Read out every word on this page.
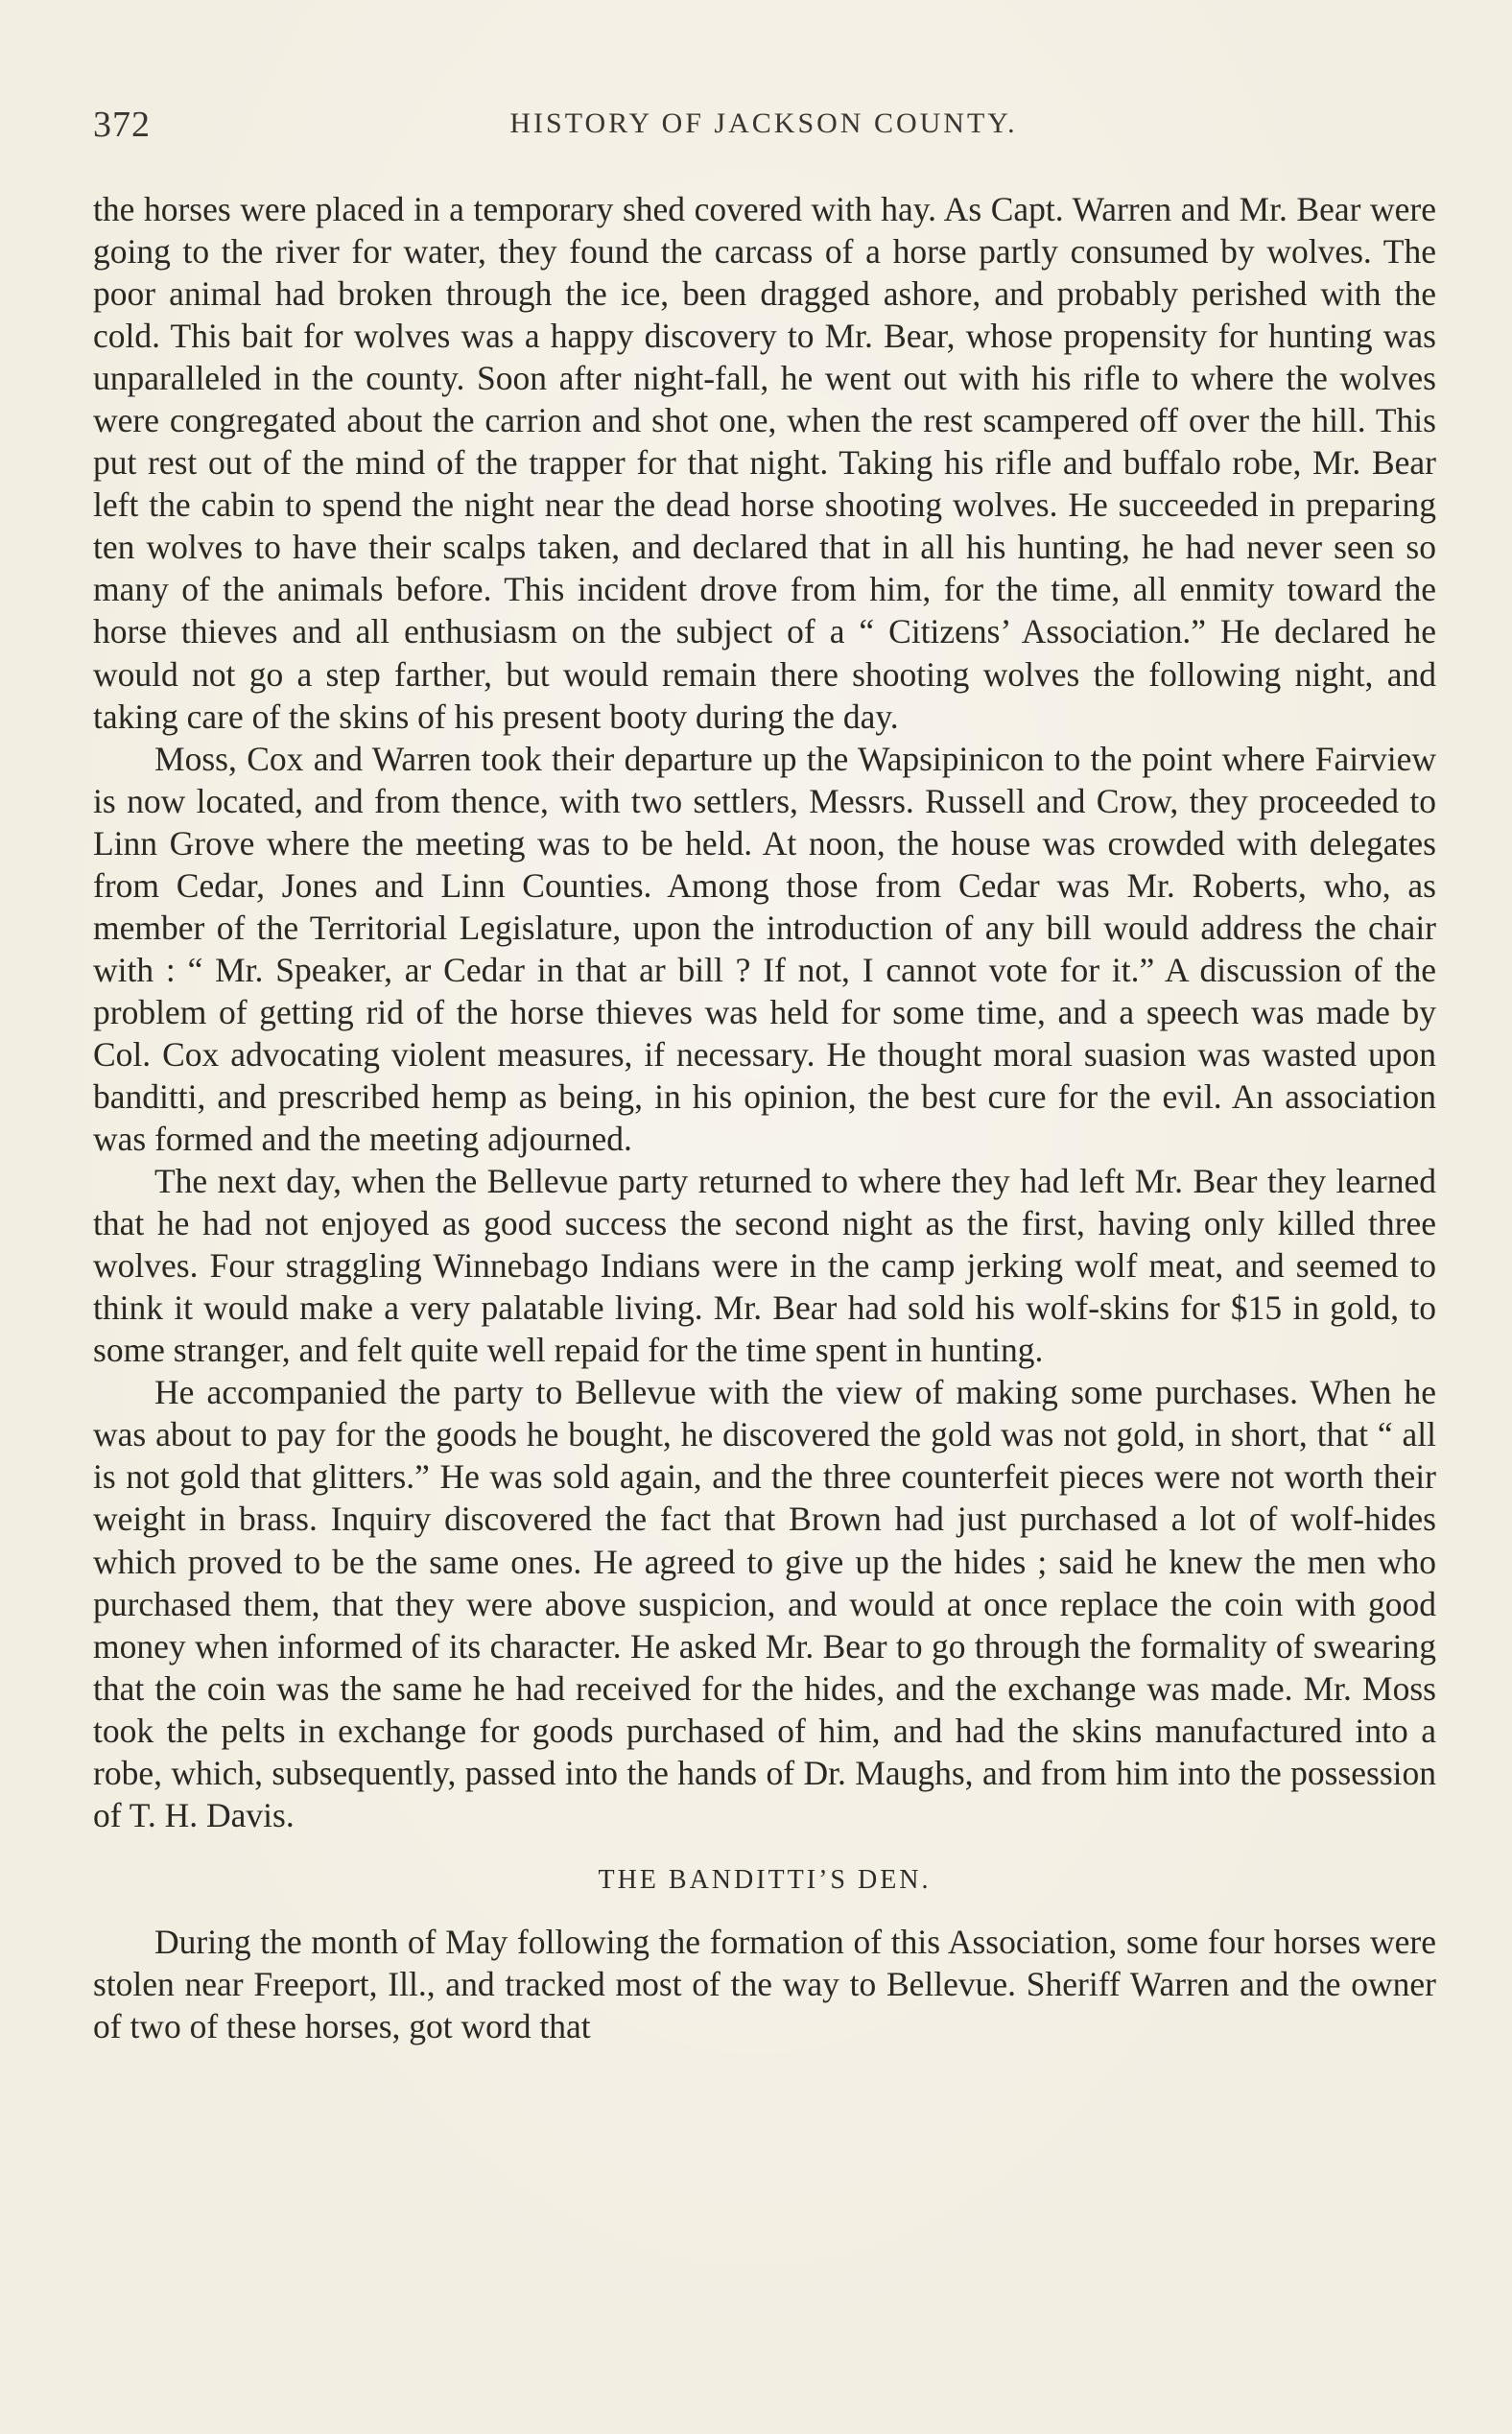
372	HISTORY OF JACKSON COUNTY.

the horses were placed in a temporary shed covered with hay. As Capt. Warren and Mr. Bear were going to the river for water, they found the carcass of a horse partly consumed by wolves. The poor animal had broken through the ice, been dragged ashore, and probably perished with the cold. This bait for wolves was a happy discovery to Mr. Bear, whose propensity for hunting was unparalleled in the county. Soon after night-fall, he went out with his rifle to where the wolves were congregated about the carrion and shot one, when the rest scampered off over the hill. This put rest out of the mind of the trapper for that night. Taking his rifle and buffalo robe, Mr. Bear left the cabin to spend the night near the dead horse shooting wolves. He succeeded in preparing ten wolves to have their scalps taken, and declared that in all his hunting, he had never seen so many of the animals before. This incident drove from him, for the time, all enmity toward the horse thieves and all enthusiasm on the subject of a “ Citizens’ Association.” He declared he would not go a step farther, but would remain there shooting wolves the following night, and taking care of the skins of his present booty during the day.

Moss, Cox and Warren took their departure up the Wapsipinicon to the point where Fairview is now located, and from thence, with two settlers, Messrs. Russell and Crow, they proceeded to Linn Grove where the meeting was to be held. At noon, the house was crowded with delegates from Cedar, Jones and Linn Counties. Among those from Cedar was Mr. Roberts, who, as member of the Territorial Legislature, upon the introduction of any bill would address the chair with : “ Mr. Speaker, ar Cedar in that ar bill ? If not, I cannot vote for it.” A discussion of the problem of getting rid of the horse thieves was held for some time, and a speech was made by Col. Cox advocating violent measures, if necessary. He thought moral suasion was wasted upon banditti, and prescribed hemp as being, in his opinion, the best cure for the evil. An association was formed and the meeting adjourned.

The next day, when the Bellevue party returned to where they had left Mr. Bear they learned that he had not enjoyed as good success the second night as the first, having only killed three wolves. Four straggling Winnebago Indians were in the camp jerking wolf meat, and seemed to think it would make a very palatable living. Mr. Bear had sold his wolf-skins for $15 in gold, to some stranger, and felt quite well repaid for the time spent in hunting.

He accompanied the party to Bellevue with the view of making some purchases. When he was about to pay for the goods he bought, he discovered the gold was not gold, in short, that “ all is not gold that glitters.” He was sold again, and the three counterfeit pieces were not worth their weight in brass. Inquiry discovered the fact that Brown had just purchased a lot of wolf-hides which proved to be the same ones. He agreed to give up the hides ; said he knew the men who purchased them, that they were above suspicion, and would at once replace the coin with good money when informed of its character. He asked Mr. Bear to go through the formality of swearing that the coin was the same he had received for the hides, and the exchange was made. Mr. Moss took the pelts in exchange for goods purchased of him, and had the skins manufactured into a robe, which, subsequently, passed into the hands of Dr. Maughs, and from him into the possession of T. H. Davis.

THE BANDITTI’S DEN.

During the month of May following the formation of this Association, some four horses were stolen near Freeport, Ill., and tracked most of the way to Bellevue. Sheriff Warren and the owner of two of these horses, got word that
